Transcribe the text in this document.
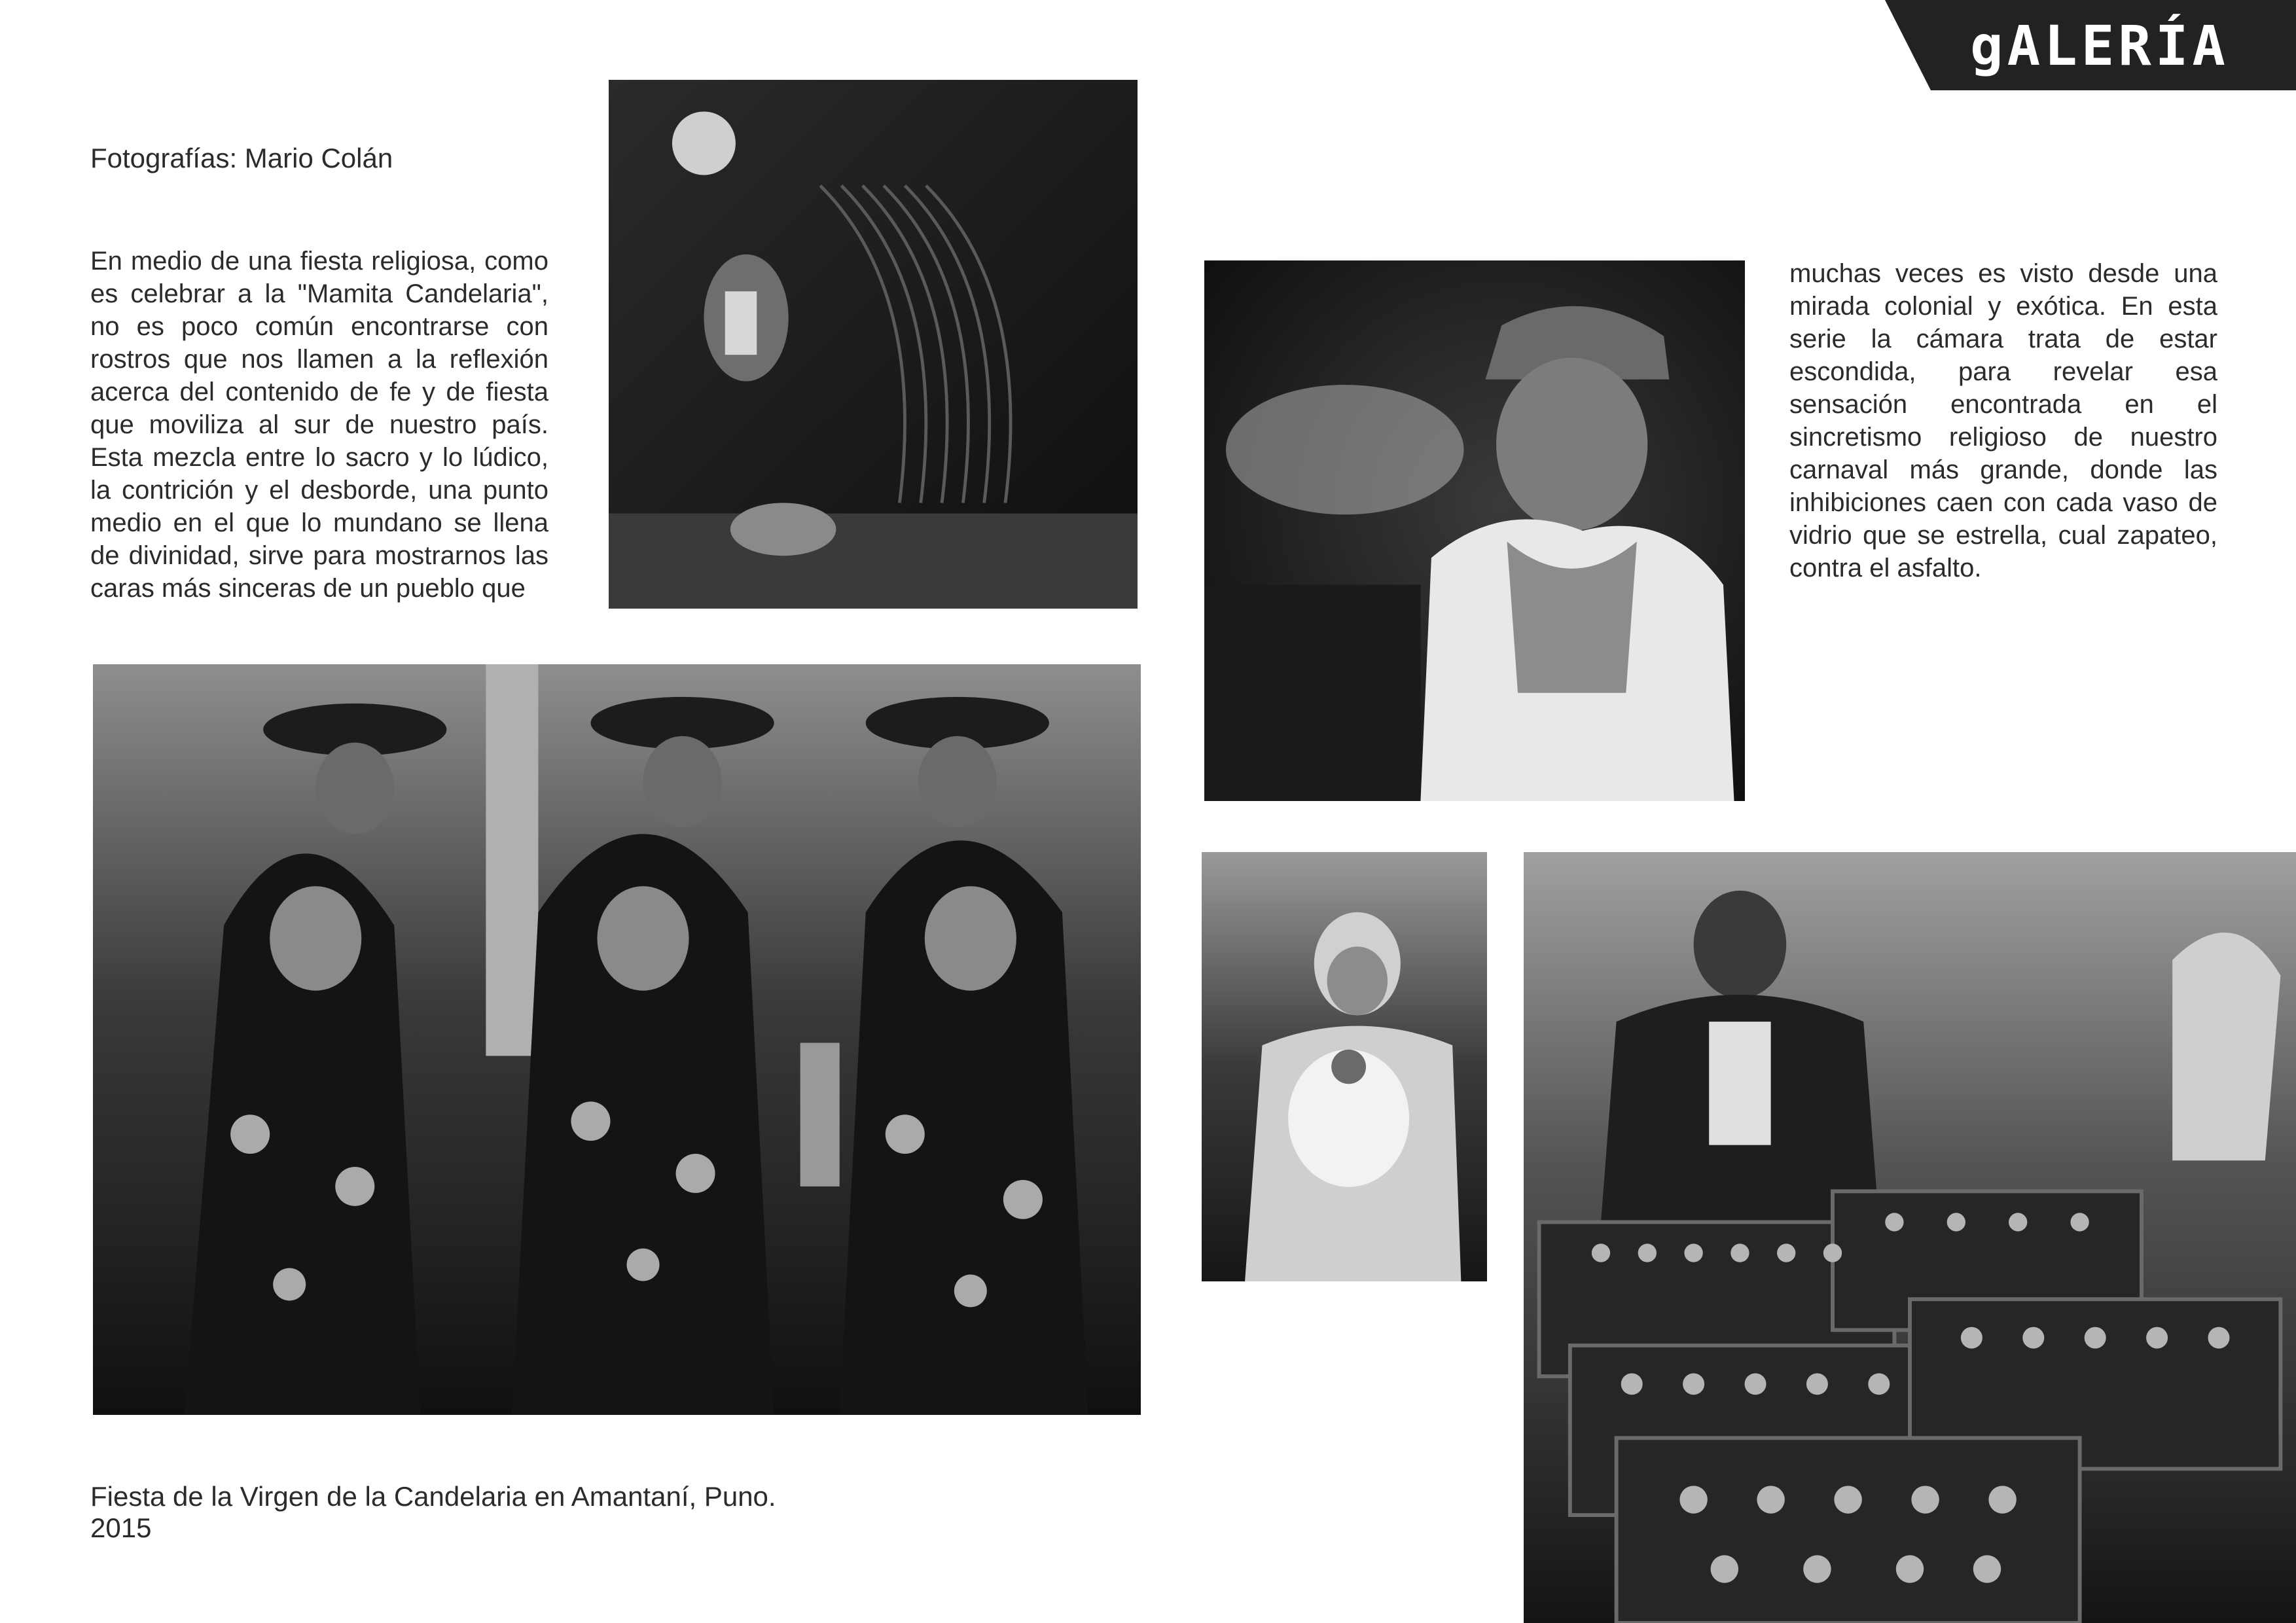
gALERÍA
Fotografías: Mario Colán
En medio de una fiesta religiosa, como es celebrar a la "Mamita Candelaria", no es poco común encontrarse con rostros que nos llamen a la reflexión acerca del contenido de fe y de fiesta que moviliza al sur de nuestro país. Esta mezcla entre lo sacro y lo lúdico, la contrición y el desborde, una punto medio en el que lo mundano se llena de divinidad, sirve para mostrarnos las caras más sinceras de un pueblo que
muchas veces es visto desde una mirada colonial y exótica. En esta serie la cámara trata de estar escondida, para revelar esa sensación encontrada en el sincretismo religioso de nuestro carnaval más grande, donde las inhibiciones caen con cada vaso de vidrio que se estrella, cual zapateo, contra el asfalto.
Fiesta de la Virgen de la Candelaria en Amantaní, Puno.
2015
